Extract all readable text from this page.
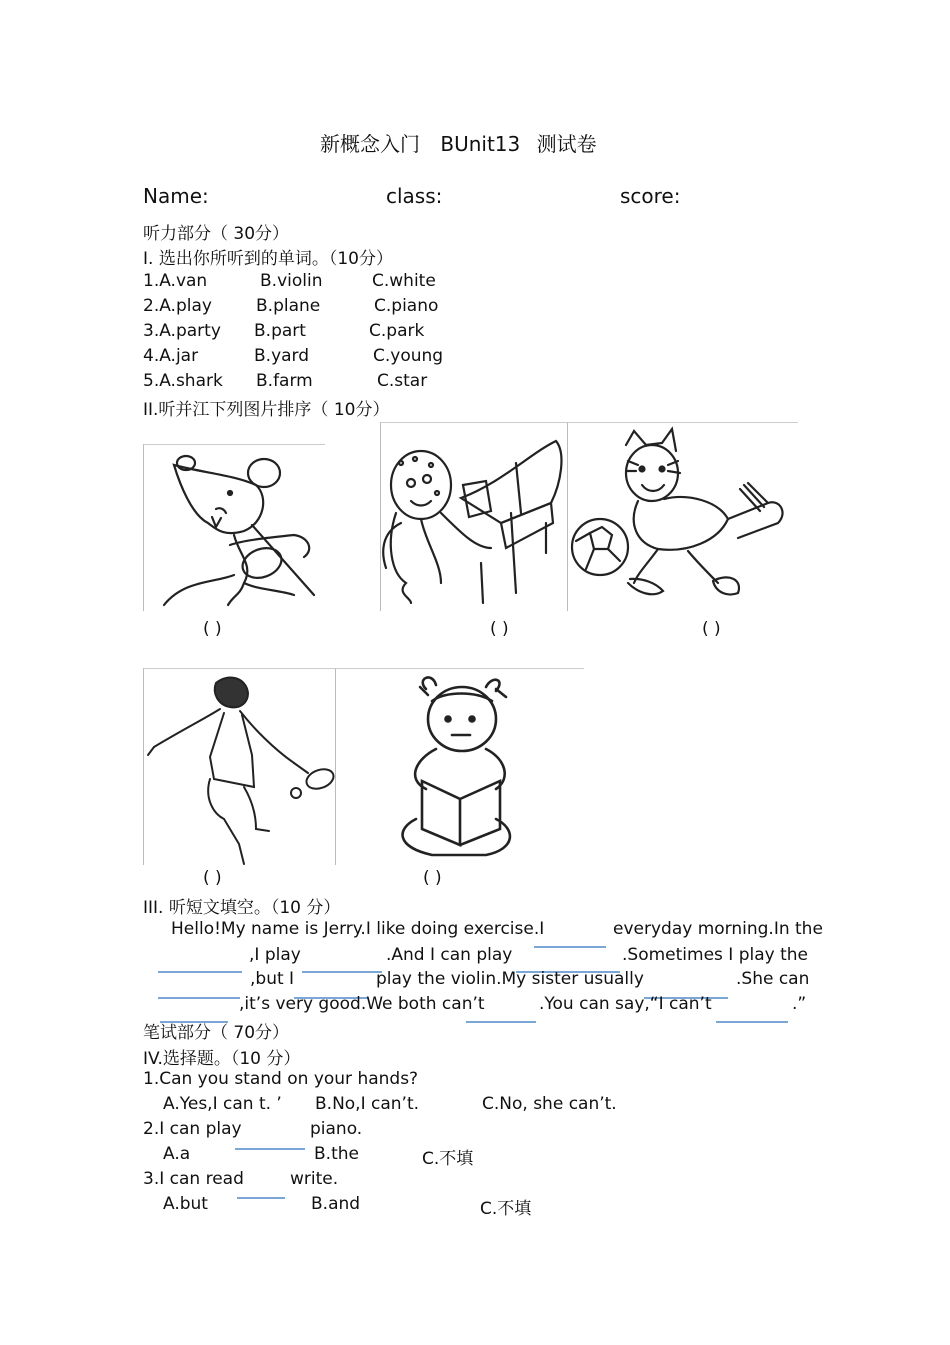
新概念入门 BUnit13 测试卷
Name:	class:	score:
听力部分（ 30分）
I. 选出你所听到的单词。（10分）
1.A.van	B.violin	C.white
2.A.play	B.plane	C.piano
3.A.party B.part	C.park
4.A.jar	B.yard	C.young
5.A.shark B.farm	C.star
II.听并江下列图片排序（ 10分）
( )	( )	( )
( )	( )
III. 听短文填空。（10 分）
Hello!My name is Jerry.I like doing exercise.I	everyday morning.In the
,I play	.And I can play	.Sometimes I play the
,but I	play the violin.My sister usually	.She can
,it’s very good.We both can’t	.You can say,“I can’t	.”
笔试部分（ 70分）
IV.选择题。（10 分）
1.Can you stand on your hands?
A.Yes,I can t. ’ B.No,I can’t.	C.No, she can’t.
2.I can play	piano.
A.a	B.the	C.不填
3.I can read	write.
A.but	B.and	C.不填
